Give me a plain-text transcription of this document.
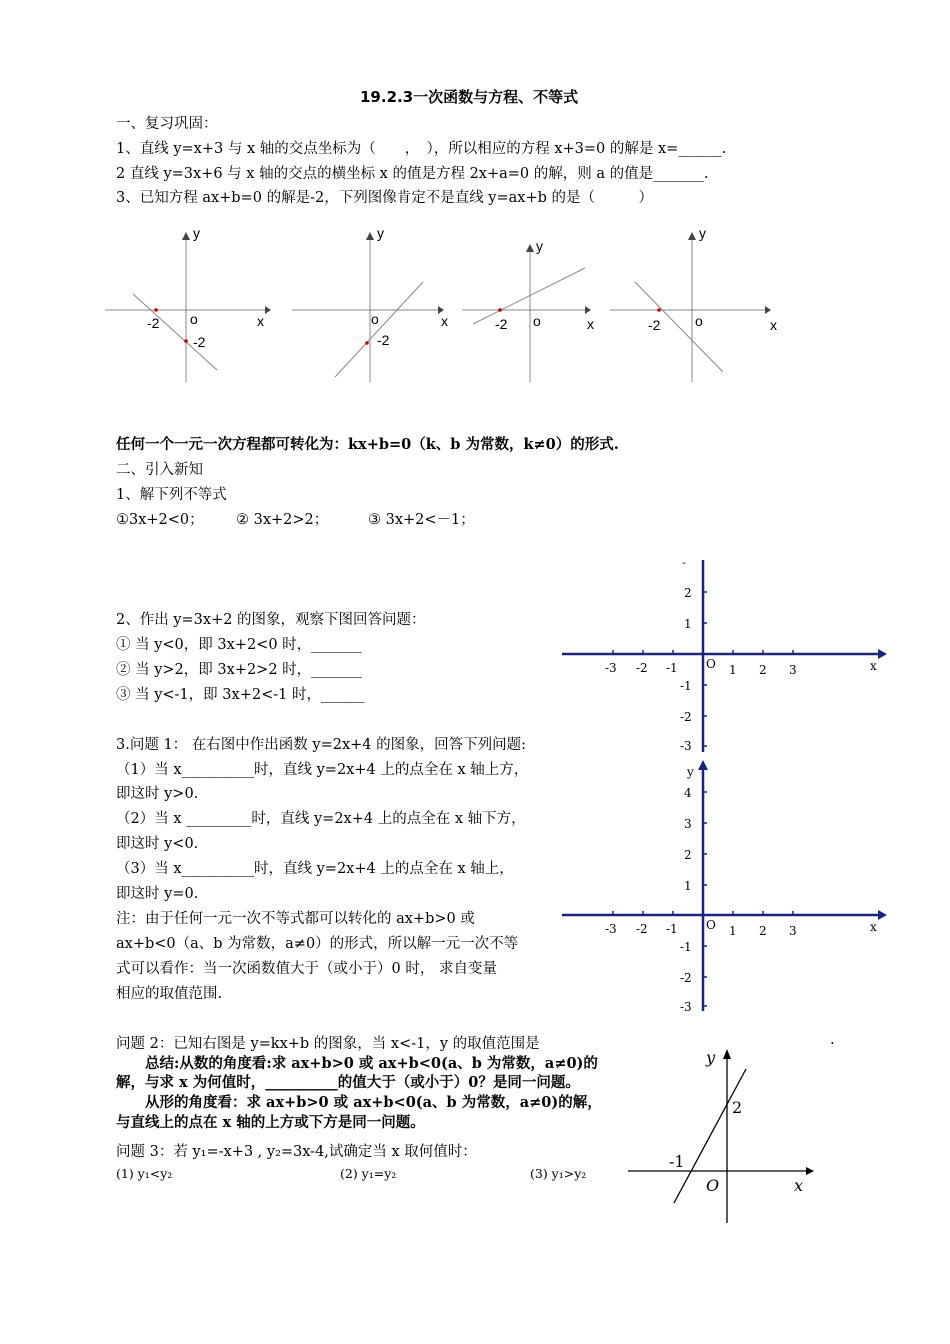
19.2.3一次函数与方程、不等式
一、复习巩固：
1、直线 y=x+3 与 x 轴的交点坐标为（　　，　），所以相应的方程 x+3=0 的解是 x=______.
2 直线 y=3x+6 与 x 轴的交点的横坐标 x 的值是方程 2x+a=0 的解，则 a 的值是_______.
3、已知方程 ax+b=0 的解是-2，下列图像肯定不是直线 y=ax+b 的是（　　　）
y
x
o
-2
-2
y
x
o
-2
y
x
o
-2
y
x
o
-2
任何一个一元一次方程都可转化为：kx+b=0（k、b 为常数，k≠0）的形式.
二、引入新知
1、解下列不等式
①3x+2<0； ② 3x+2>2；	③ 3x+2<－1；
2、作出 y=3x+2 的图象，观察下图回答问题：
① 当 y<0，即 3x+2<0 时，_______
② 当 y>2，即 3x+2>2 时，_______
③ 当 y<-1，即 3x+2<-1 时，______
-
2
1
-1
-2
-3
-3 -2 -1 O 1 2 3	x
3.问题 1： 在右图中作出函数 y=2x+4 的图象，回答下列问题:
（1）当 x__________时，直线 y=2x+4 上的点全在 x 轴上方，
即这时 y>0.
（2）当 x _________时，直线 y=2x+4 上的点全在 x 轴下方，
即这时 y<0.
（3）当 x__________时，直线 y=2x+4 上的点全在 x 轴上，
即这时 y=0.
注：由于任何一元一次不等式都可以转化的 ax+b>0 或
ax+b<0（a、b 为常数，a≠0）的形式，所以解一元一次不等
式可以看作：当一次函数值大于（或小于）0 时， 求自变量
相应的取值范围.
y
4
3
2
1
-1
-2
-3
-3 -2 -1 O 1 2 3	x
问题 2：已知右图是 y=kx+b 的图象，当 x<-1，y 的取值范围是	.
总结:从数的角度看:求 ax+b>0 或 ax+b<0(a、b 为常数，a≠0)的
解，与求 x 为何值时，__________的值大于（或小于）0？是同一问题。
从形的角度看：求 ax+b>0 或 ax+b<0(a、b 为常数，a≠0)的解，
与直线上的点在 x 轴的上方或下方是同一问题。
问题 3：若 y₁=-x+3 , y₂=3x-4,试确定当 x 取何值时：
(1) y₁<y₂	(2) y₁=y₂	(3) y₁>y₂
y
2
-1
O	x
